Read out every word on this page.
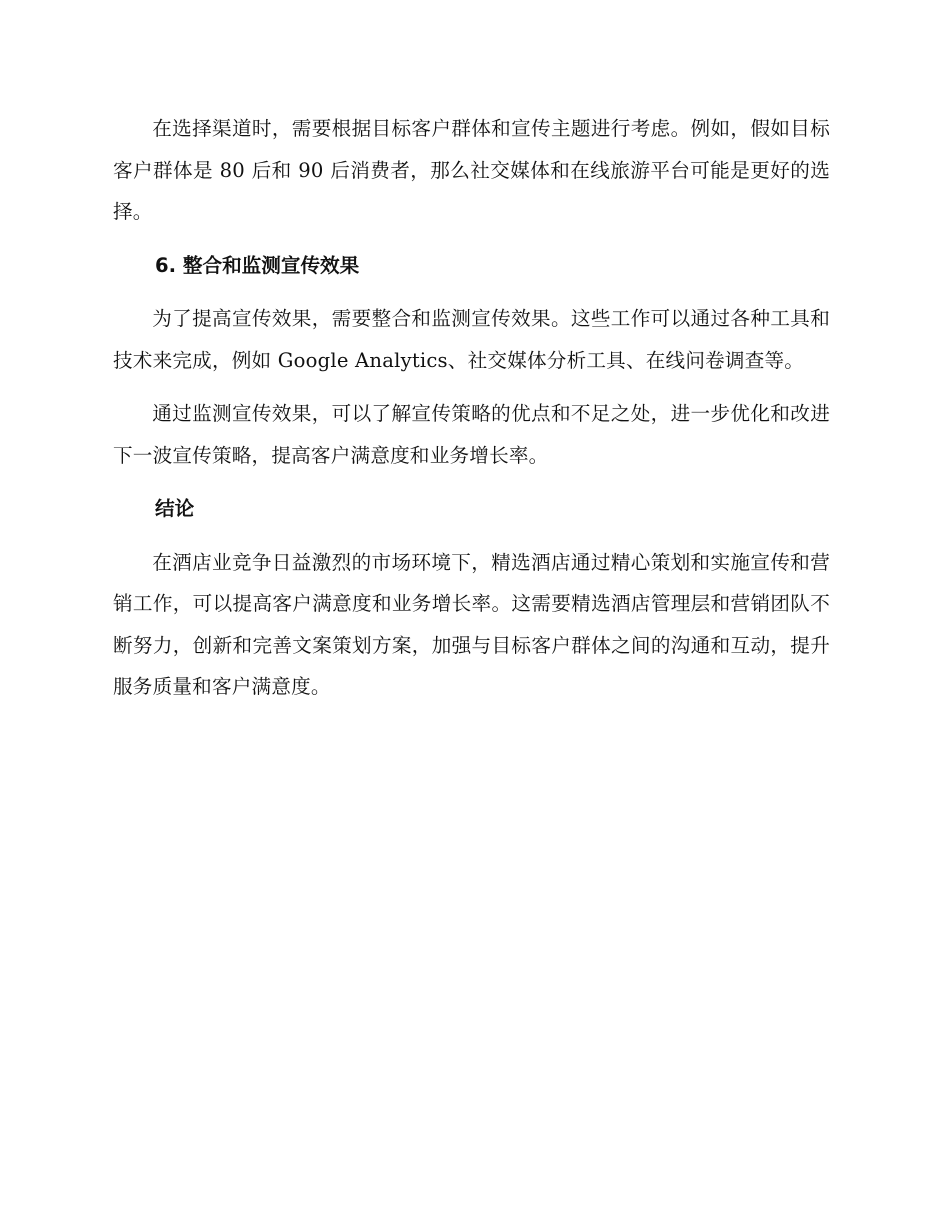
在选择渠道时，需要根据目标客户群体和宣传主题进行考虑。例如，假如目标客户群体是 80 后和 90 后消费者，那么社交媒体和在线旅游平台可能是更好的选择。

6. 整合和监测宣传效果

为了提高宣传效果，需要整合和监测宣传效果。这些工作可以通过各种工具和技术来完成，例如 Google Analytics、社交媒体分析工具、在线问卷调查等。

通过监测宣传效果，可以了解宣传策略的优点和不足之处，进一步优化和改进下一波宣传策略，提高客户满意度和业务增长率。

结论

在酒店业竞争日益激烈的市场环境下，精选酒店通过精心策划和实施宣传和营销工作，可以提高客户满意度和业务增长率。这需要精选酒店管理层和营销团队不断努力，创新和完善文案策划方案，加强与目标客户群体之间的沟通和互动，提升服务质量和客户满意度。
